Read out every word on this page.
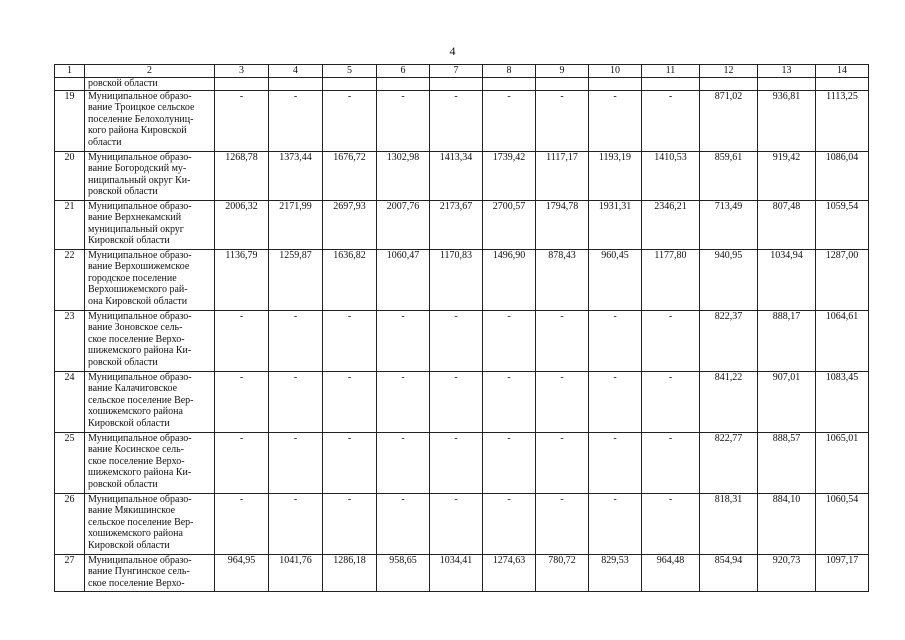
4
1	2	3	4	5	6	7	8	9	10	11	12	13	14
	ровской области												
19	Муниципальное образо-
вание Троицкое сельское
поселение Белохолуниц-
кого района Кировской
области	-	-	-	-	-	-	-	-	-	871,02	936,81	1113,25
20	Муниципальное образо-
вание Богородский му-
ниципальный округ Ки-
ровской области	1268,78	1373,44	1676,72	1302,98	1413,34	1739,42	1117,17	1193,19	1410,53	859,61	919,42	1086,04
21	Муниципальное образо-
вание Верхнекамский
муниципальный округ
Кировской области	2006,32	2171,99	2697,93	2007,76	2173,67	2700,57	1794,78	1931,31	2346,21	713,49	807,48	1059,54
22	Муниципальное образо-
вание Верхошижемское
городское поселение
Верхошижемского рай-
она Кировской области	1136,79	1259,87	1636,82	1060,47	1170,83	1496,90	878,43	960,45	1177,80	940,95	1034,94	1287,00
23	Муниципальное образо-
вание Зоновское сель-
ское поселение Верхо-
шижемского района Ки-
ровской области	-	-	-	-	-	-	-	-	-	822,37	888,17	1064,61
24	Муниципальное образо-
вание Калачиговское
сельское поселение Вер-
хошижемского района
Кировской области	-	-	-	-	-	-	-	-	-	841,22	907,01	1083,45
25	Муниципальное образо-
вание Косинское сель-
ское поселение Верхо-
шижемского района Ки-
ровской области	-	-	-	-	-	-	-	-	-	822,77	888,57	1065,01
26	Муниципальное образо-
вание Мякишинское
сельское поселение Вер-
хошижемского района
Кировской области	-	-	-	-	-	-	-	-	-	818,31	884,10	1060,54
27	Муниципальное образо-
вание Пунгинское сель-
ское поселение Верхо-	964,95	1041,76	1286,18	958,65	1034,41	1274,63	780,72	829,53	964,48	854,94	920,73	1097,17
